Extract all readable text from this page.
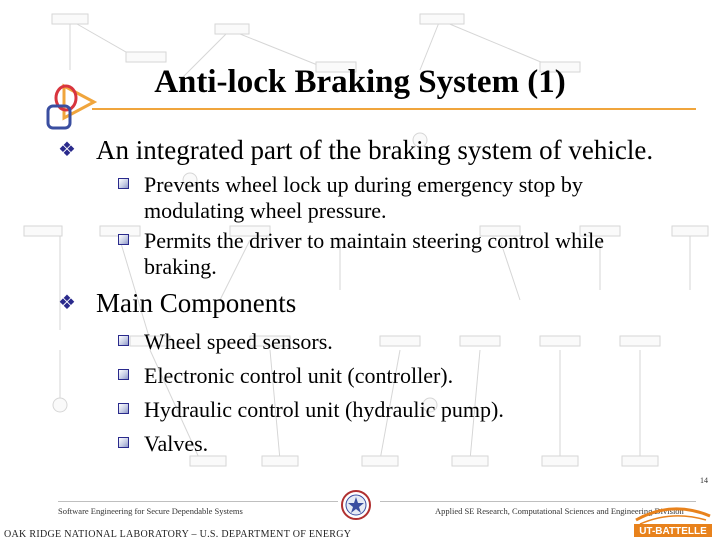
Anti-lock Braking System (1)
❖ An integrated part of the braking system of vehicle.
Prevents wheel lock up during emergency stop by modulating wheel pressure.
Permits the driver to maintain steering control while braking.
❖ Main Components
Wheel speed sensors.
Electronic control unit (controller).
Hydraulic control unit (hydraulic pump).
Valves.
Software Engineering for Secure Dependable Systems	Applied SE Research, Computational Sciences and Engineering Division
14
OAK RIDGE NATIONAL LABORATORY – U.S. DEPARTMENT OF ENERGY	UT-BATTELLE
